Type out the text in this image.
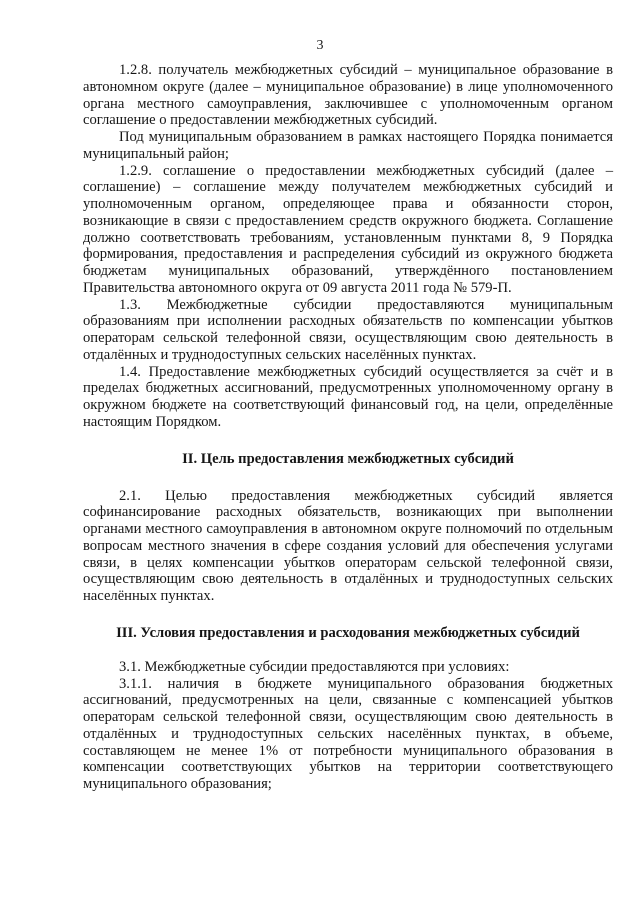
3

1.2.8. получатель межбюджетных субсидий – муниципальное образование в автономном округе (далее – муниципальное образование) в лице уполномоченного органа местного самоуправления, заключившее с уполномоченным органом соглашение о предоставлении межбюджетных субсидий.

Под муниципальным образованием в рамках настоящего Порядка понимается муниципальный район;

1.2.9. соглашение о предоставлении межбюджетных субсидий (далее – соглашение) – соглашение между получателем межбюджетных субсидий и уполномоченным органом, определяющее права и обязанности сторон, возникающие в связи с предоставлением средств окружного бюджета. Соглашение должно соответствовать требованиям, установленным пунктами 8, 9 Порядка формирования, предоставления и распределения субсидий из окружного бюджета бюджетам муниципальных образований, утверждённого постановлением Правительства автономного округа от 09 августа 2011 года № 579-П.

1.3. Межбюджетные субсидии предоставляются муниципальным образованиям при исполнении расходных обязательств по компенсации убытков операторам сельской телефонной связи, осуществляющим свою деятельность в отдалённых и труднодоступных сельских населённых пунктах.

1.4. Предоставление межбюджетных субсидий осуществляется за счёт и в пределах бюджетных ассигнований, предусмотренных уполномоченному органу в окружном бюджете на соответствующий финансовый год, на цели, определённые настоящим Порядком.

II. Цель предоставления межбюджетных субсидий

2.1. Целью предоставления межбюджетных субсидий является софинансирование расходных обязательств, возникающих при выполнении органами местного самоуправления в автономном округе полномочий по отдельным вопросам местного значения в сфере создания условий для обеспечения услугами связи, в целях компенсации убытков операторам сельской телефонной связи, осуществляющим свою деятельность в отдалённых и труднодоступных сельских населённых пунктах.

III. Условия предоставления и расходования межбюджетных субсидий

3.1. Межбюджетные субсидии предоставляются при условиях:

3.1.1. наличия в бюджете муниципального образования бюджетных ассигнований, предусмотренных на цели, связанные с компенсацией убытков операторам сельской телефонной связи, осуществляющим свою деятельность в отдалённых и труднодоступных сельских населённых пунктах, в объеме, составляющем не менее 1% от потребности муниципального образования в компенсации соответствующих убытков на территории соответствующего муниципального образования;
